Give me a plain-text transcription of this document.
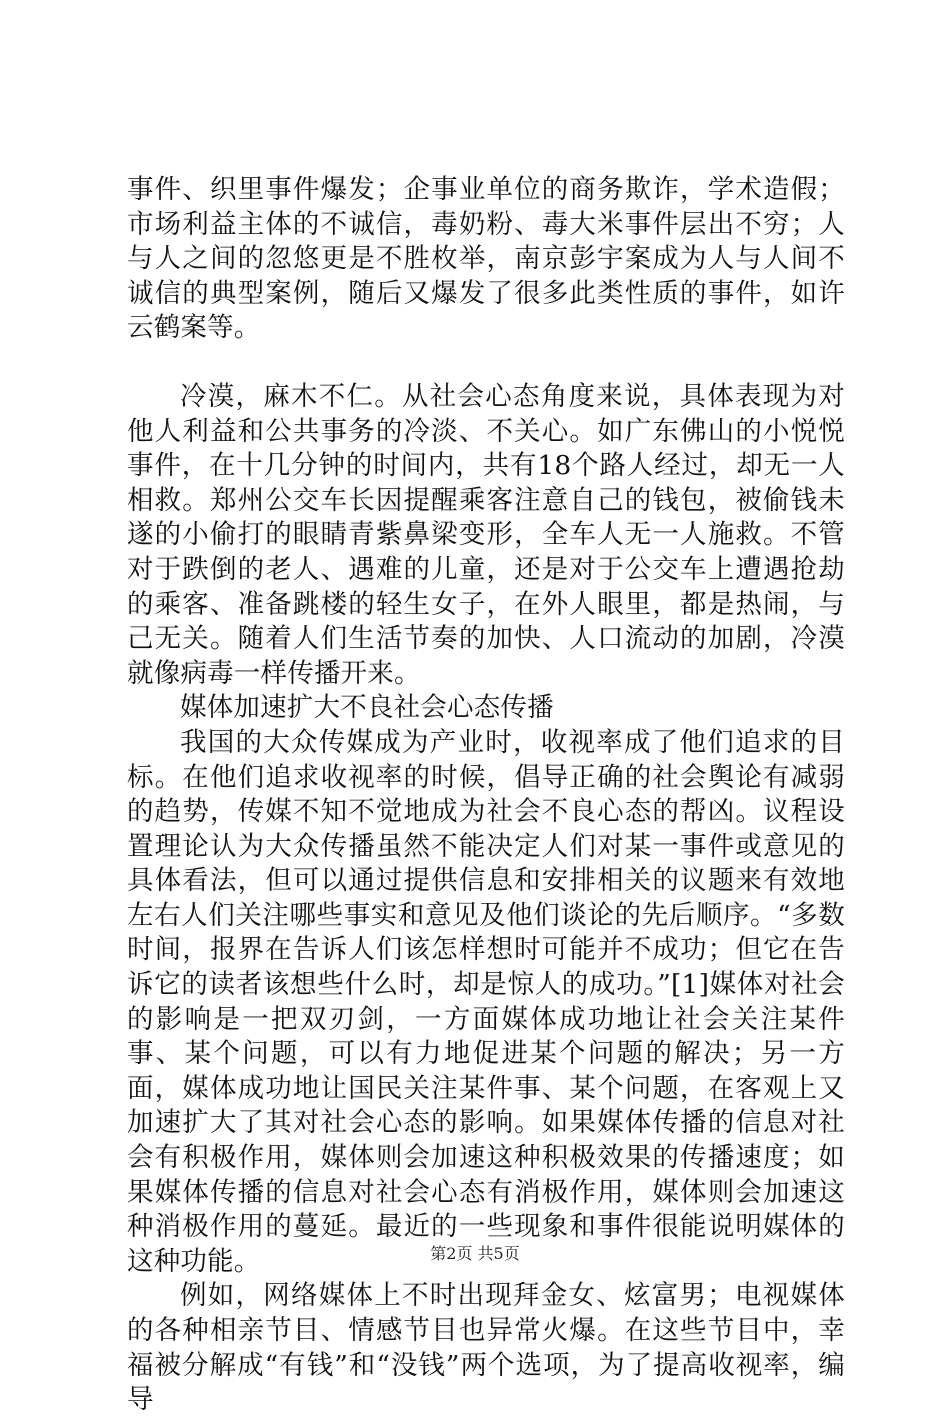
事件、织里事件爆发；企事业单位的商务欺诈，学术造假；市场利益主体的不诚信，毒奶粉、毒大米事件层出不穷；人与人之间的忽悠更是不胜枚举，南京彭宇案成为人与人间不诚信的典型案例，随后又爆发了很多此类性质的事件，如许云鹤案等。

冷漠，麻木不仁。从社会心态角度来说，具体表现为对他人利益和公共事务的冷淡、不关心。如广东佛山的小悦悦事件，在十几分钟的时间内，共有18个路人经过，却无一人相救。郑州公交车长因提醒乘客注意自己的钱包，被偷钱未遂的小偷打的眼睛青紫鼻梁变形，全车人无一人施救。不管对于跌倒的老人、遇难的儿童，还是对于公交车上遭遇抢劫的乘客、准备跳楼的轻生女子，在外人眼里，都是热闹，与己无关。随着人们生活节奏的加快、人口流动的加剧，冷漠就像病毒一样传播开来。

媒体加速扩大不良社会心态传播

我国的大众传媒成为产业时，收视率成了他们追求的目标。在他们追求收视率的时候，倡导正确的社会舆论有减弱的趋势，传媒不知不觉地成为社会不良心态的帮凶。议程设置理论认为大众传播虽然不能决定人们对某一事件或意见的具体看法，但可以通过提供信息和安排相关的议题来有效地左右人们关注哪些事实和意见及他们谈论的先后顺序。“多数时间，报界在告诉人们该怎样想时可能并不成功；但它在告诉它的读者该想些什么时，却是惊人的成功。”[1]媒体对社会的影响是一把双刃剑，一方面媒体成功地让社会关注某件事、某个问题，可以有力地促进某个问题的解决；另一方面，媒体成功地让国民关注某件事、某个问题，在客观上又加速扩大了其对社会心态的影响。如果媒体传播的信息对社会有积极作用，媒体则会加速这种积极效果的传播速度；如果媒体传播的信息对社会心态有消极作用，媒体则会加速这种消极作用的蔓延。最近的一些现象和事件很能说明媒体的这种功能。

例如，网络媒体上不时出现拜金女、炫富男；电视媒体的各种相亲节目、情感节目也异常火爆。在这些节目中，幸福被分解成“有钱”和“没钱”两个选项，为了提高收视率，编导

第2页 共5页
